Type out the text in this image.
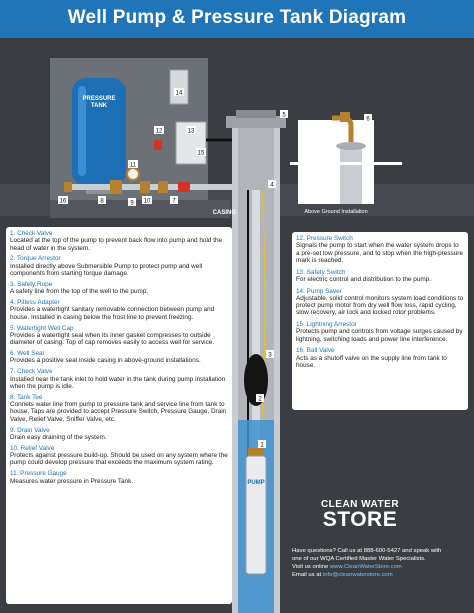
Well Pump & Pressure Tank Diagram
FROST
LINE
Above Ground Installation
PRESSURE
TANK
CASING
PUMP
1
2
3
4
5
6
7
8	9 10
11
12	13
14
15
16
1. Check Valve
Located at the top of the pump to prevent back flow into pump and hold the head of water in the system.
2. Torque Arrestor
Installed directly above Submersible Pump to protect pump and well components from starting torque damage.
3. Safety Rope
A safety line from the top of the well to the pump.
4. Pitless Adapter
Provides a watertight sanitary removable connection between pump and house. Installed in casing below the frost line to prevent freezing.
5. Watertight Well Cap
Provides a watertight seal when its inner gasket compresses to outside diameter of casing. Top of cap removes easily to access well for service.
6. Well Seal
Provides a positive seal inside casing in above-ground installations.
7. Check Valve
Installed near the tank inlet to hold water in the tank during pump installation when the pump is idle.
8. Tank Tee
Connets water line from pump to pressure tank and service line from tank to house. Taps are provided to accept Pressure Switch, Pressure Gauge, Drain Valve, Relief Valve, Sniffer Valve, etc.
9. Drain Valve
Drain easy draining of the system.
10. Relief Valve
Protects against pressure build-up. Should be used on any system where the pump could develop pressure that exceeds the maximum system rating.
11. Pressure Gauge
Measures water pressure in Pressure Tank.
12. Pressure Switch
Signals the pump to start when the water system drops to a pre-set low pressure, and to stop when the high-pressure mark is reached.
13. Safety Switch
For electric control and distribution to the pump.
14. Pump Saver
Adjustable, solid control monitors system load conditions to protect pump motor from dry well flow loss, rapid cycling, slow recovery, air lock and locked rotor problems.
15. Lightning Arrestor
Protects pump and controls from voltage surges caused by lightning, switching loads and power line interference.
16. Ball Valve
Acts as a shutoff valve on the supply line from tank to house.
CLEAN WATER
STORE
Have questions? Call us at 888-600-5427 and speak with
one of our WQA Certified Master Water Specialists.
Visit us online www.CleanWaterStore.com
Email us at info@cleanwaterstore.com
